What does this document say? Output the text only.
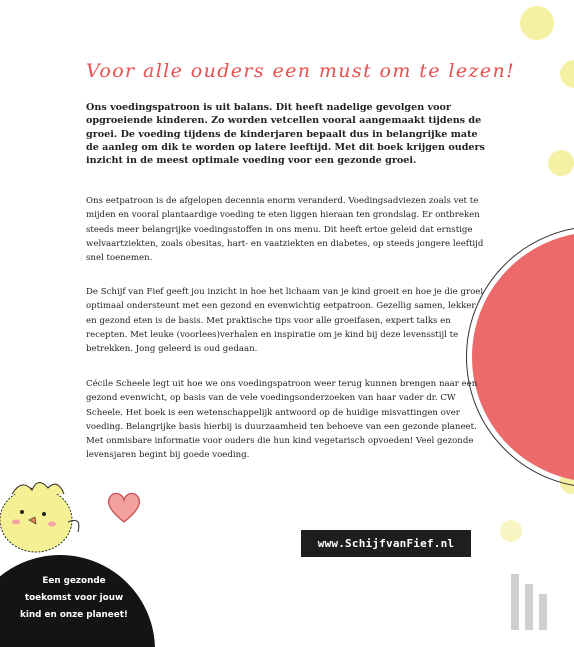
Voor alle ouders een must om te lezen!
Ons voedingspatroon is uit balans. Dit heeft nadelige gevolgen voor opgroeiende kinderen. Zo worden vetcellen vooral aangemaakt tijdens de groei. De voeding tijdens de kinderjaren bepaalt dus in belangrijke mate de aanleg om dik te worden op latere leeftijd. Met dit boek krijgen ouders inzicht in de meest optimale voeding voor een gezonde groei.
Ons eetpatroon is de afgelopen decennia enorm veranderd. Voedingsadviezen zoals vet te mijden en vooral plantaardige voeding te eten liggen hieraan ten grondslag. Er ontbreken steeds meer belangrijke voedingsstoffen in ons menu. Dit heeft ertoe geleid dat ernstige welvaartziekten, zoals obesitas, hart- en vaatziekten en diabetes, op steeds jongere leeftijd snel toenemen.
De Schijf van Fief geeft jou inzicht in hoe het lichaam van je kind groeit en hoe je die groei optimaal ondersteunt met een gezond en evenwichtig eetpatroon. Gezellig samen, lekker en gezond eten is de basis. Met praktische tips voor alle groeifasen, expert talks en recepten. Met leuke (voorlees)verhalen en inspiratie om je kind bij deze levensstijl te betrekken. Jong geleerd is oud gedaan.
Cécile Scheele legt uit hoe we ons voedingspatroon weer terug kunnen brengen naar een gezond evenwicht, op basis van de vele voedingsonderzoeken van haar vader dr. CW Scheele. Het boek is een wetenschappelijk antwoord op de huidige misvattingen over voeding. Belangrijke basis hierbij is duurzaamheid ten behoeve van een gezonde planeet. Met onmisbare informatie voor ouders die hun kind vegetarisch opvoeden! Veel gezonde levensjaren begint bij goede voeding.
www.SchijfvanFief.nl
Een gezonde
toekomst voor jouw
kind en onze planeet!
